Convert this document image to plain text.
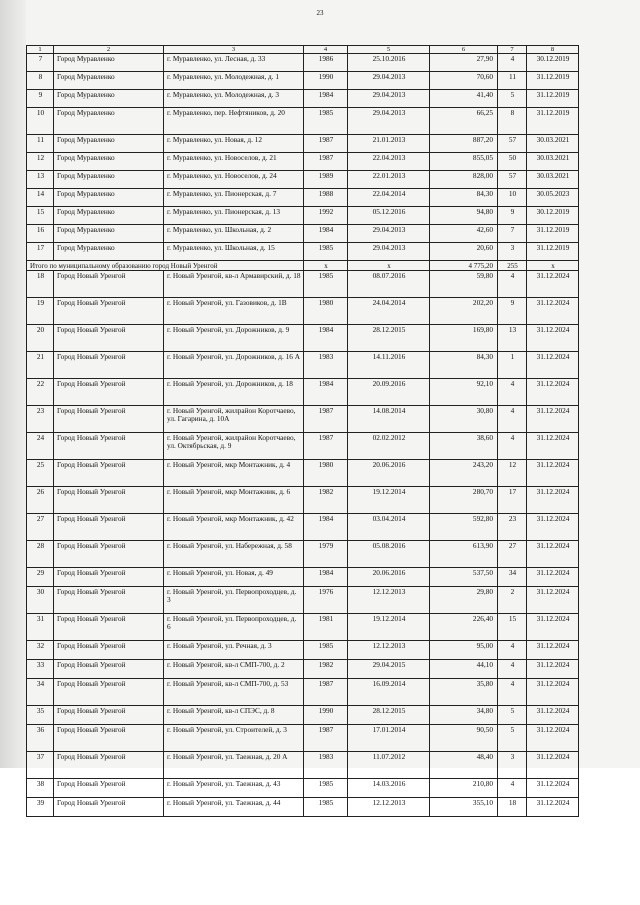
23
1	2	3	4	5	6	7	8
7	Город Муравленко	г. Муравленко, ул. Лесная, д. 33	1986	25.10.2016	27,90	4	30.12.2019
8	Город Муравленко	г. Муравленко, ул. Молодежная, д. 1	1990	29.04.2013	70,60	11	31.12.2019
9	Город Муравленко	г. Муравленко, ул. Молодежная, д. 3	1984	29.04.2013	41,40	5	31.12.2019
10	Город Муравленко	г. Муравленко, пер. Нефтяников, д. 20	1985	29.04.2013	66,25	8	31.12.2019
11	Город Муравленко	г. Муравленко, ул. Новая, д. 12	1987	21.01.2013	887,20	57	30.03.2021
12	Город Муравленко	г. Муравленко, ул. Новоселов, д. 21	1987	22.04.2013	855,05	50	30.03.2021
13	Город Муравленко	г. Муравленко, ул. Новоселов, д. 24	1989	22.01.2013	828,00	57	30.03.2021
14	Город Муравленко	г. Муравленко, ул. Пионерская, д. 7	1988	22.04.2014	84,30	10	30.05.2023
15	Город Муравленко	г. Муравленко, ул. Пионерская, д. 13	1992	05.12.2016	94,80	9	30.12.2019
16	Город Муравленко	г. Муравленко, ул. Школьная, д. 2	1984	29.04.2013	42,60	7	31.12.2019
17	Город Муравленко	г. Муравленко, ул. Школьная, д. 15	1985	29.04.2013	20,60	3	31.12.2019
Итого по муниципальному образованию город Новый Уренгой			x	x	4 775,20	255	x
18	Город Новый Уренгой	г. Новый Уренгой, кв-л Армавирский, д. 18	1985	08.07.2016	59,80	4	31.12.2024
19	Город Новый Уренгой	г. Новый Уренгой, ул. Газовиков, д. 1В	1980	24.04.2014	202,20	9	31.12.2024
20	Город Новый Уренгой	г. Новый Уренгой, ул. Дорожников, д. 9	1984	28.12.2015	169,80	13	31.12.2024
21	Город Новый Уренгой	г. Новый Уренгой, ул. Дорожников, д. 16 А	1983	14.11.2016	84,30	1	31.12.2024
22	Город Новый Уренгой	г. Новый Уренгой, ул. Дорожников, д. 18	1984	20.09.2016	92,10	4	31.12.2024
23	Город Новый Уренгой	г. Новый Уренгой, жилрайон Коротчаево, ул. Гагарина, д. 10А	1987	14.08.2014	30,80	4	31.12.2024
24	Город Новый Уренгой	г. Новый Уренгой, жилрайон Коротчаево, ул. Октябрьская, д. 9	1987	02.02.2012	38,60	4	31.12.2024
25	Город Новый Уренгой	г. Новый Уренгой, мкр Монтажник, д. 4	1980	20.06.2016	243,20	12	31.12.2024
26	Город Новый Уренгой	г. Новый Уренгой, мкр Монтажник, д. 6	1982	19.12.2014	280,70	17	31.12.2024
27	Город Новый Уренгой	г. Новый Уренгой, мкр Монтажник, д. 42	1984	03.04.2014	592,80	23	31.12.2024
28	Город Новый Уренгой	г. Новый Уренгой, ул. Набережная, д. 58	1979	05.08.2016	613,90	27	31.12.2024
29	Город Новый Уренгой	г. Новый Уренгой, ул. Новая, д. 49	1984	20.06.2016	537,50	34	31.12.2024
30	Город Новый Уренгой	г. Новый Уренгой, ул. Первопроходцев, д. 3	1976	12.12.2013	29,80	2	31.12.2024
31	Город Новый Уренгой	г. Новый Уренгой, ул. Первопроходцев, д. 6	1981	19.12.2014	226,40	15	31.12.2024
32	Город Новый Уренгой	г. Новый Уренгой, ул. Речная, д. 3	1985	12.12.2013	95,00	4	31.12.2024
33	Город Новый Уренгой	г. Новый Уренгой, кв-л СМП-700, д. 2	1982	29.04.2015	44,10	4	31.12.2024
34	Город Новый Уренгой	г. Новый Уренгой, кв-л СМП-700, д. 53	1987	16.09.2014	35,80	4	31.12.2024
35	Город Новый Уренгой	г. Новый Уренгой, кв-л СПЭС, д. 8	1990	28.12.2015	34,80	5	31.12.2024
36	Город Новый Уренгой	г. Новый Уренгой, ул. Строителей, д. 3	1987	17.01.2014	90,50	5	31.12.2024
37	Город Новый Уренгой	г. Новый Уренгой, ул. Таежная, д. 20 А	1983	11.07.2012	48,40	3	31.12.2024
38	Город Новый Уренгой	г. Новый Уренгой, ул. Таежная, д. 43	1985	14.03.2016	210,80	4	31.12.2024
39	Город Новый Уренгой	г. Новый Уренгой, ул. Таежная, д. 44	1985	12.12.2013	355,10	18	31.12.2024
